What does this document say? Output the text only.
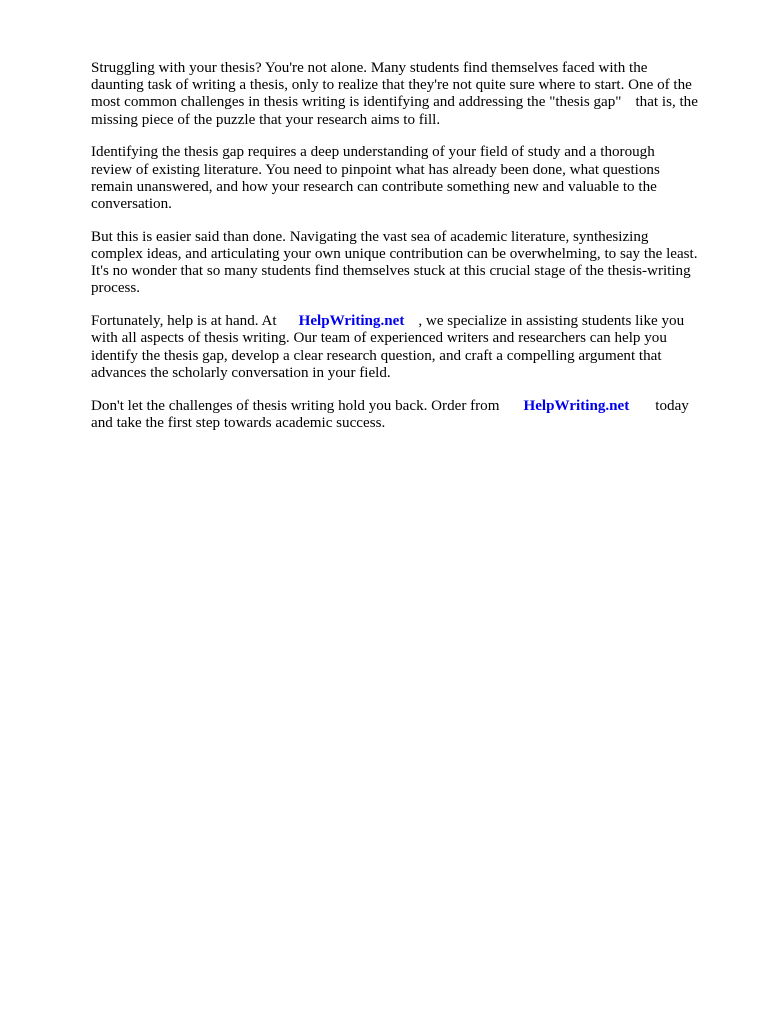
Struggling with your thesis? You're not alone. Many students find themselves faced with the
daunting task of writing a thesis, only to realize that they're not quite sure where to start. One of the
most common challenges in thesis writing is identifying and addressing the "thesis gap" that is, the
missing piece of the puzzle that your research aims to fill.

Identifying the thesis gap requires a deep understanding of your field of study and a thorough
review of existing literature. You need to pinpoint what has already been done, what questions
remain unanswered, and how your research can contribute something new and valuable to the
conversation.

But this is easier said than done. Navigating the vast sea of academic literature, synthesizing
complex ideas, and articulating your own unique contribution can be overwhelming, to say the least.
It's no wonder that so many students find themselves stuck at this crucial stage of the thesis-writing
process.

Fortunately, help is at hand. At HelpWriting.net , we specialize in assisting students like you
with all aspects of thesis writing. Our team of experienced writers and researchers can help you
identify the thesis gap, develop a clear research question, and craft a compelling argument that
advances the scholarly conversation in your field.

Don't let the challenges of thesis writing hold you back. Order from HelpWriting.net today
and take the first step towards academic success.
